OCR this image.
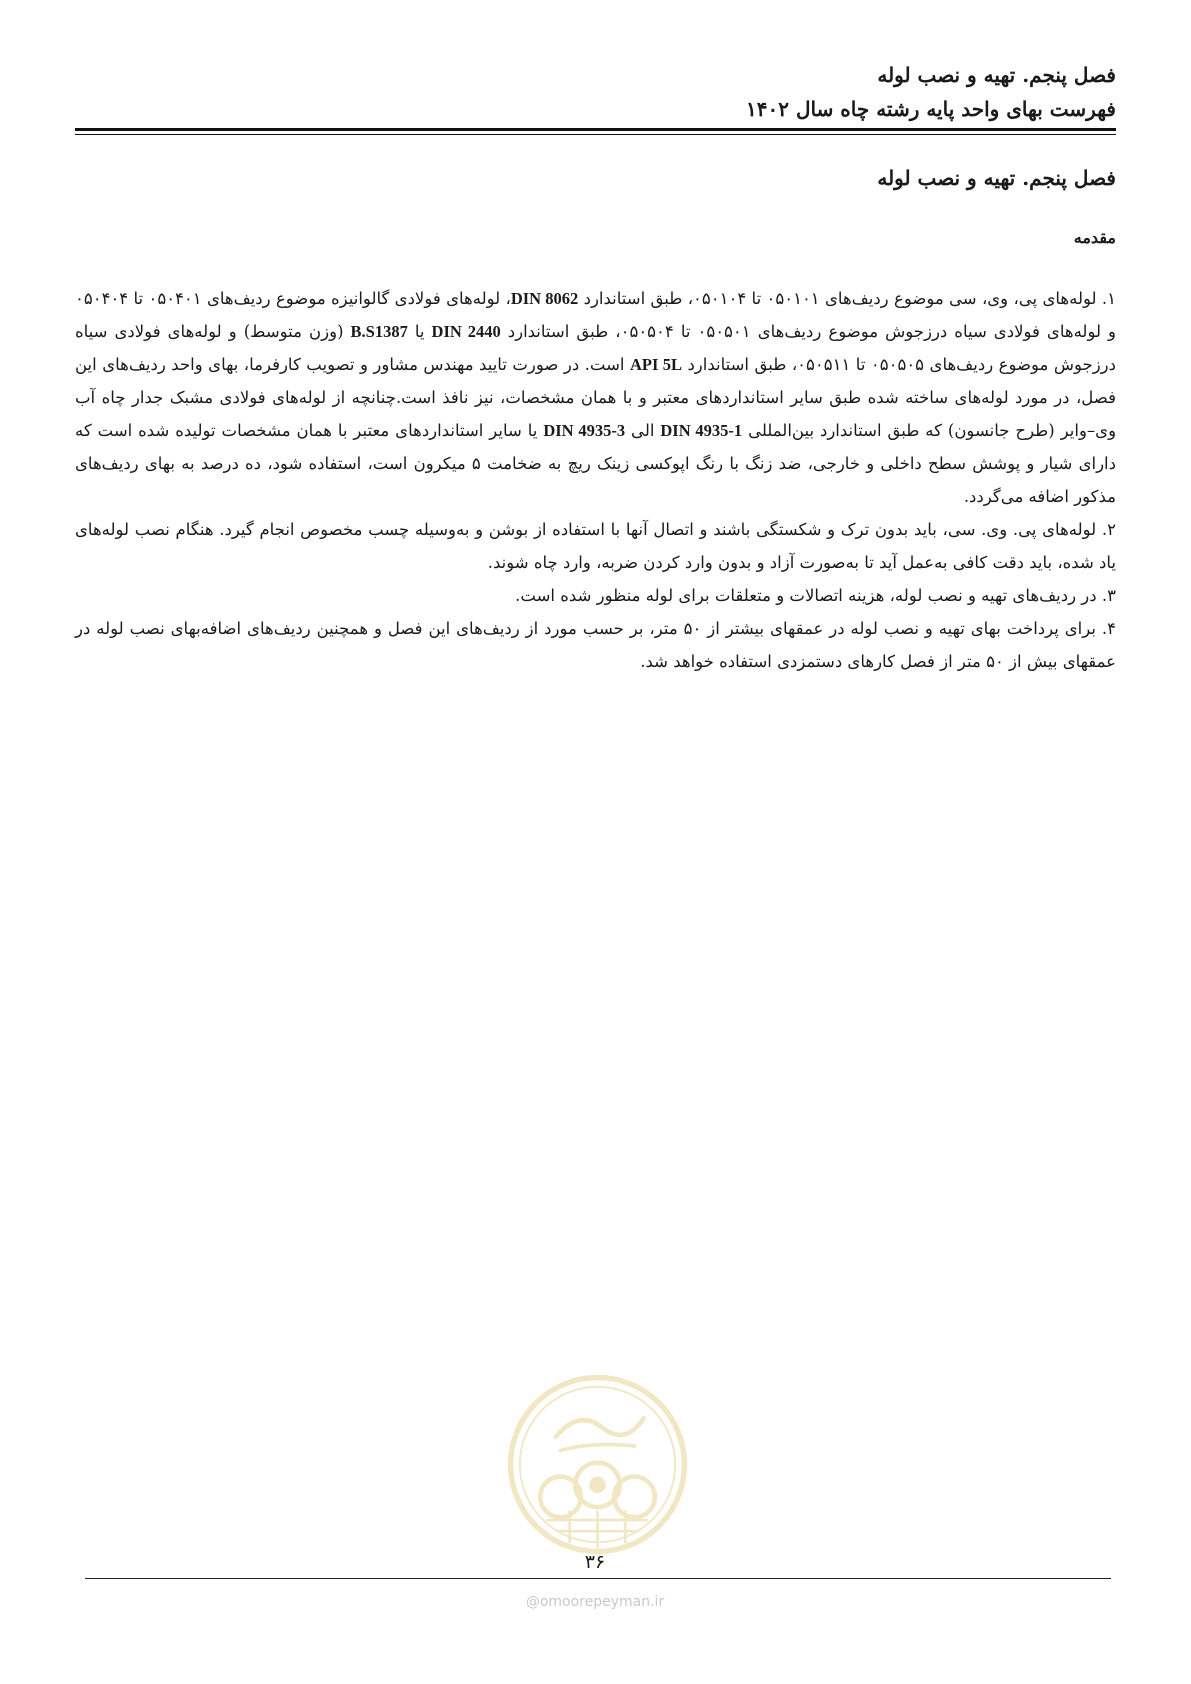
فصل پنجم. تهیه و نصب لوله
فهرست بهای واحد پایه رشته چاه سال ۱۴۰۲
فصل پنجم. تهیه و نصب لوله
مقدمه

۱. لوله‌های پی، وی، سی موضوع ردیف‌های ۰۵۰۱۰۱ تا ۰۵۰۱۰۴، طبق استاندارد DIN 8062، لوله‌های فولادی گالوانیزه موضوع ردیف‌های ۰۵۰۴۰۱ تا ۰۵۰۴۰۴ و لوله‌های فولادی سیاه درزجوش موضوع ردیف‌های ۰۵۰۵۰۱ تا ۰۵۰۵۰۴، طبق استاندارد DIN 2440 یا B.S1387 (وزن متوسط) و لوله‌های فولادی سیاه درزجوش موضوع ردیف‌های ۰۵۰۵۰۵ تا ۰۵۰۵۱۱، طبق استاندارد API 5L است. در صورت تایید مهندس مشاور و تصویب کارفرما، بهای واحد ردیف‌های این فصل، در مورد لوله‌های ساخته شده طبق سایر استانداردهای معتبر و با همان مشخصات، نیز نافذ است.چنانچه از لوله‌های فولادی مشبک جدار چاه آب وی–وایر (طرح جانسون) که طبق استاندارد بین‌المللی DIN 4935-1 الی DIN 4935-3 یا سایر استانداردهای معتبر با همان مشخصات تولیده شده است که دارای شیار و پوشش سطح داخلی و خارجی، ضد زنگ با رنگ اپوکسی زینک ریچ به ضخامت ۵ میکرون است، استفاده شود، ده درصد به بهای ردیف‌های مذکور اضافه می‌گردد.

۲. لوله‌های پی. وی. سی، باید بدون ترک و شکستگی باشند و اتصال آنها با استفاده از بوشن و به‌وسیله چسب مخصوص انجام گیرد. هنگام نصب لوله‌های یاد شده، باید دقت کافی به‌عمل آید تا به‌صورت آزاد و بدون وارد کردن ضربه، وارد چاه شوند.

۳. در ردیف‌های تهیه و نصب لوله، هزینه اتصالات و متعلقات برای لوله منظور شده است.

۴. برای پرداخت بهای تهیه و نصب لوله در عمقهای بیشتر از ۵۰ متر، بر حسب مورد از ردیف‌های این فصل و همچنین ردیف‌های اضافه‌بهای نصب لوله در عمقهای بیش از ۵۰ متر از فصل کارهای دستمزدی استفاده خواهد شد.

۳۶
@omoorepeyman.ir
